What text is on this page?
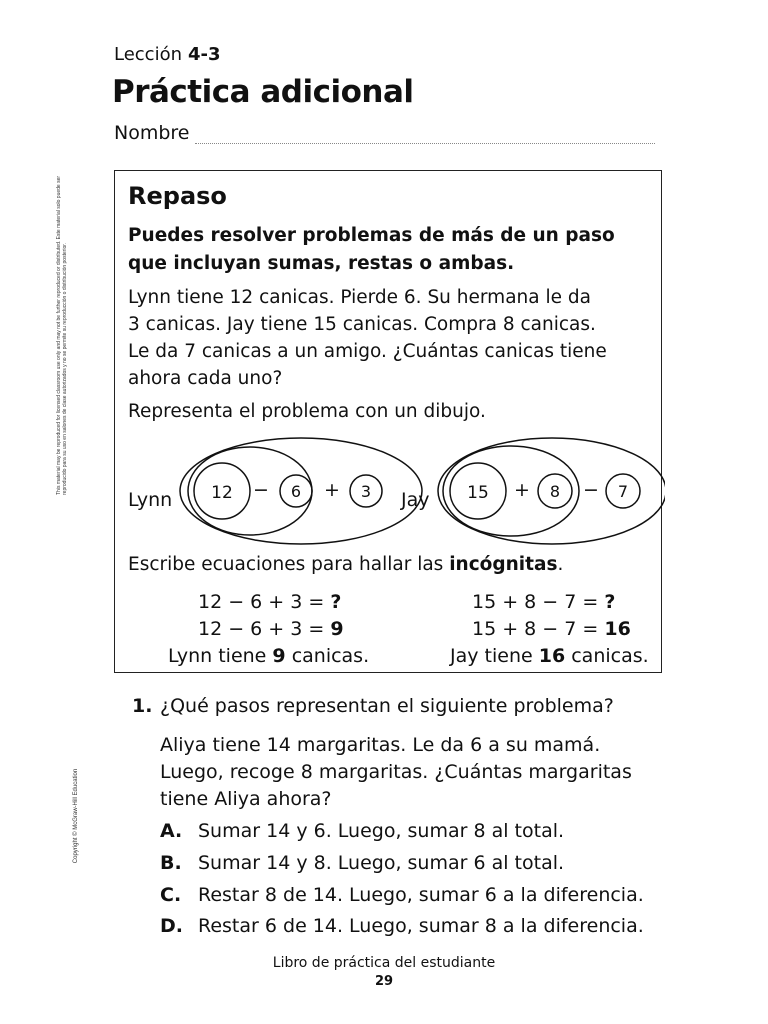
This material may be reproduced for licensed classroom use only and may not be further reproduced or distributed. Este material solo puede ser reproducido para su uso en salones de clase autorizados y no se permite su reproducción o distribución posterior.
Copyright © McGraw-Hill Education
Lección 4-3
Práctica adicional
Nombre
Repaso
Puedes resolver problemas de más de un paso
que incluyan sumas, restas o ambas.
Lynn tiene 12 canicas. Pierde 6. Su hermana le da
3 canicas. Jay tiene 15 canicas. Compra 8 canicas.
Le da 7 canicas a un amigo. ¿Cuántas canicas tiene
ahora cada uno?
Representa el problema con un dibujo.
Lynn 12 − 6 + 3 Jay 15 + 8 − 7
Escribe ecuaciones para hallar las incógnitas.
12 − 6 + 3 = ?
12 − 6 + 3 = 9
Lynn tiene 9 canicas.
15 + 8 − 7 = ?
15 + 8 − 7 = 16
Jay tiene 16 canicas.
1. ¿Qué pasos representan el siguiente problema?
Aliya tiene 14 margaritas. Le da 6 a su mamá.
Luego, recoge 8 margaritas. ¿Cuántas margaritas
tiene Aliya ahora?
A. Sumar 14 y 6. Luego, sumar 8 al total.
B. Sumar 14 y 8. Luego, sumar 6 al total.
C. Restar 8 de 14. Luego, sumar 6 a la diferencia.
D. Restar 6 de 14. Luego, sumar 8 a la diferencia.
Libro de práctica del estudiante
29
